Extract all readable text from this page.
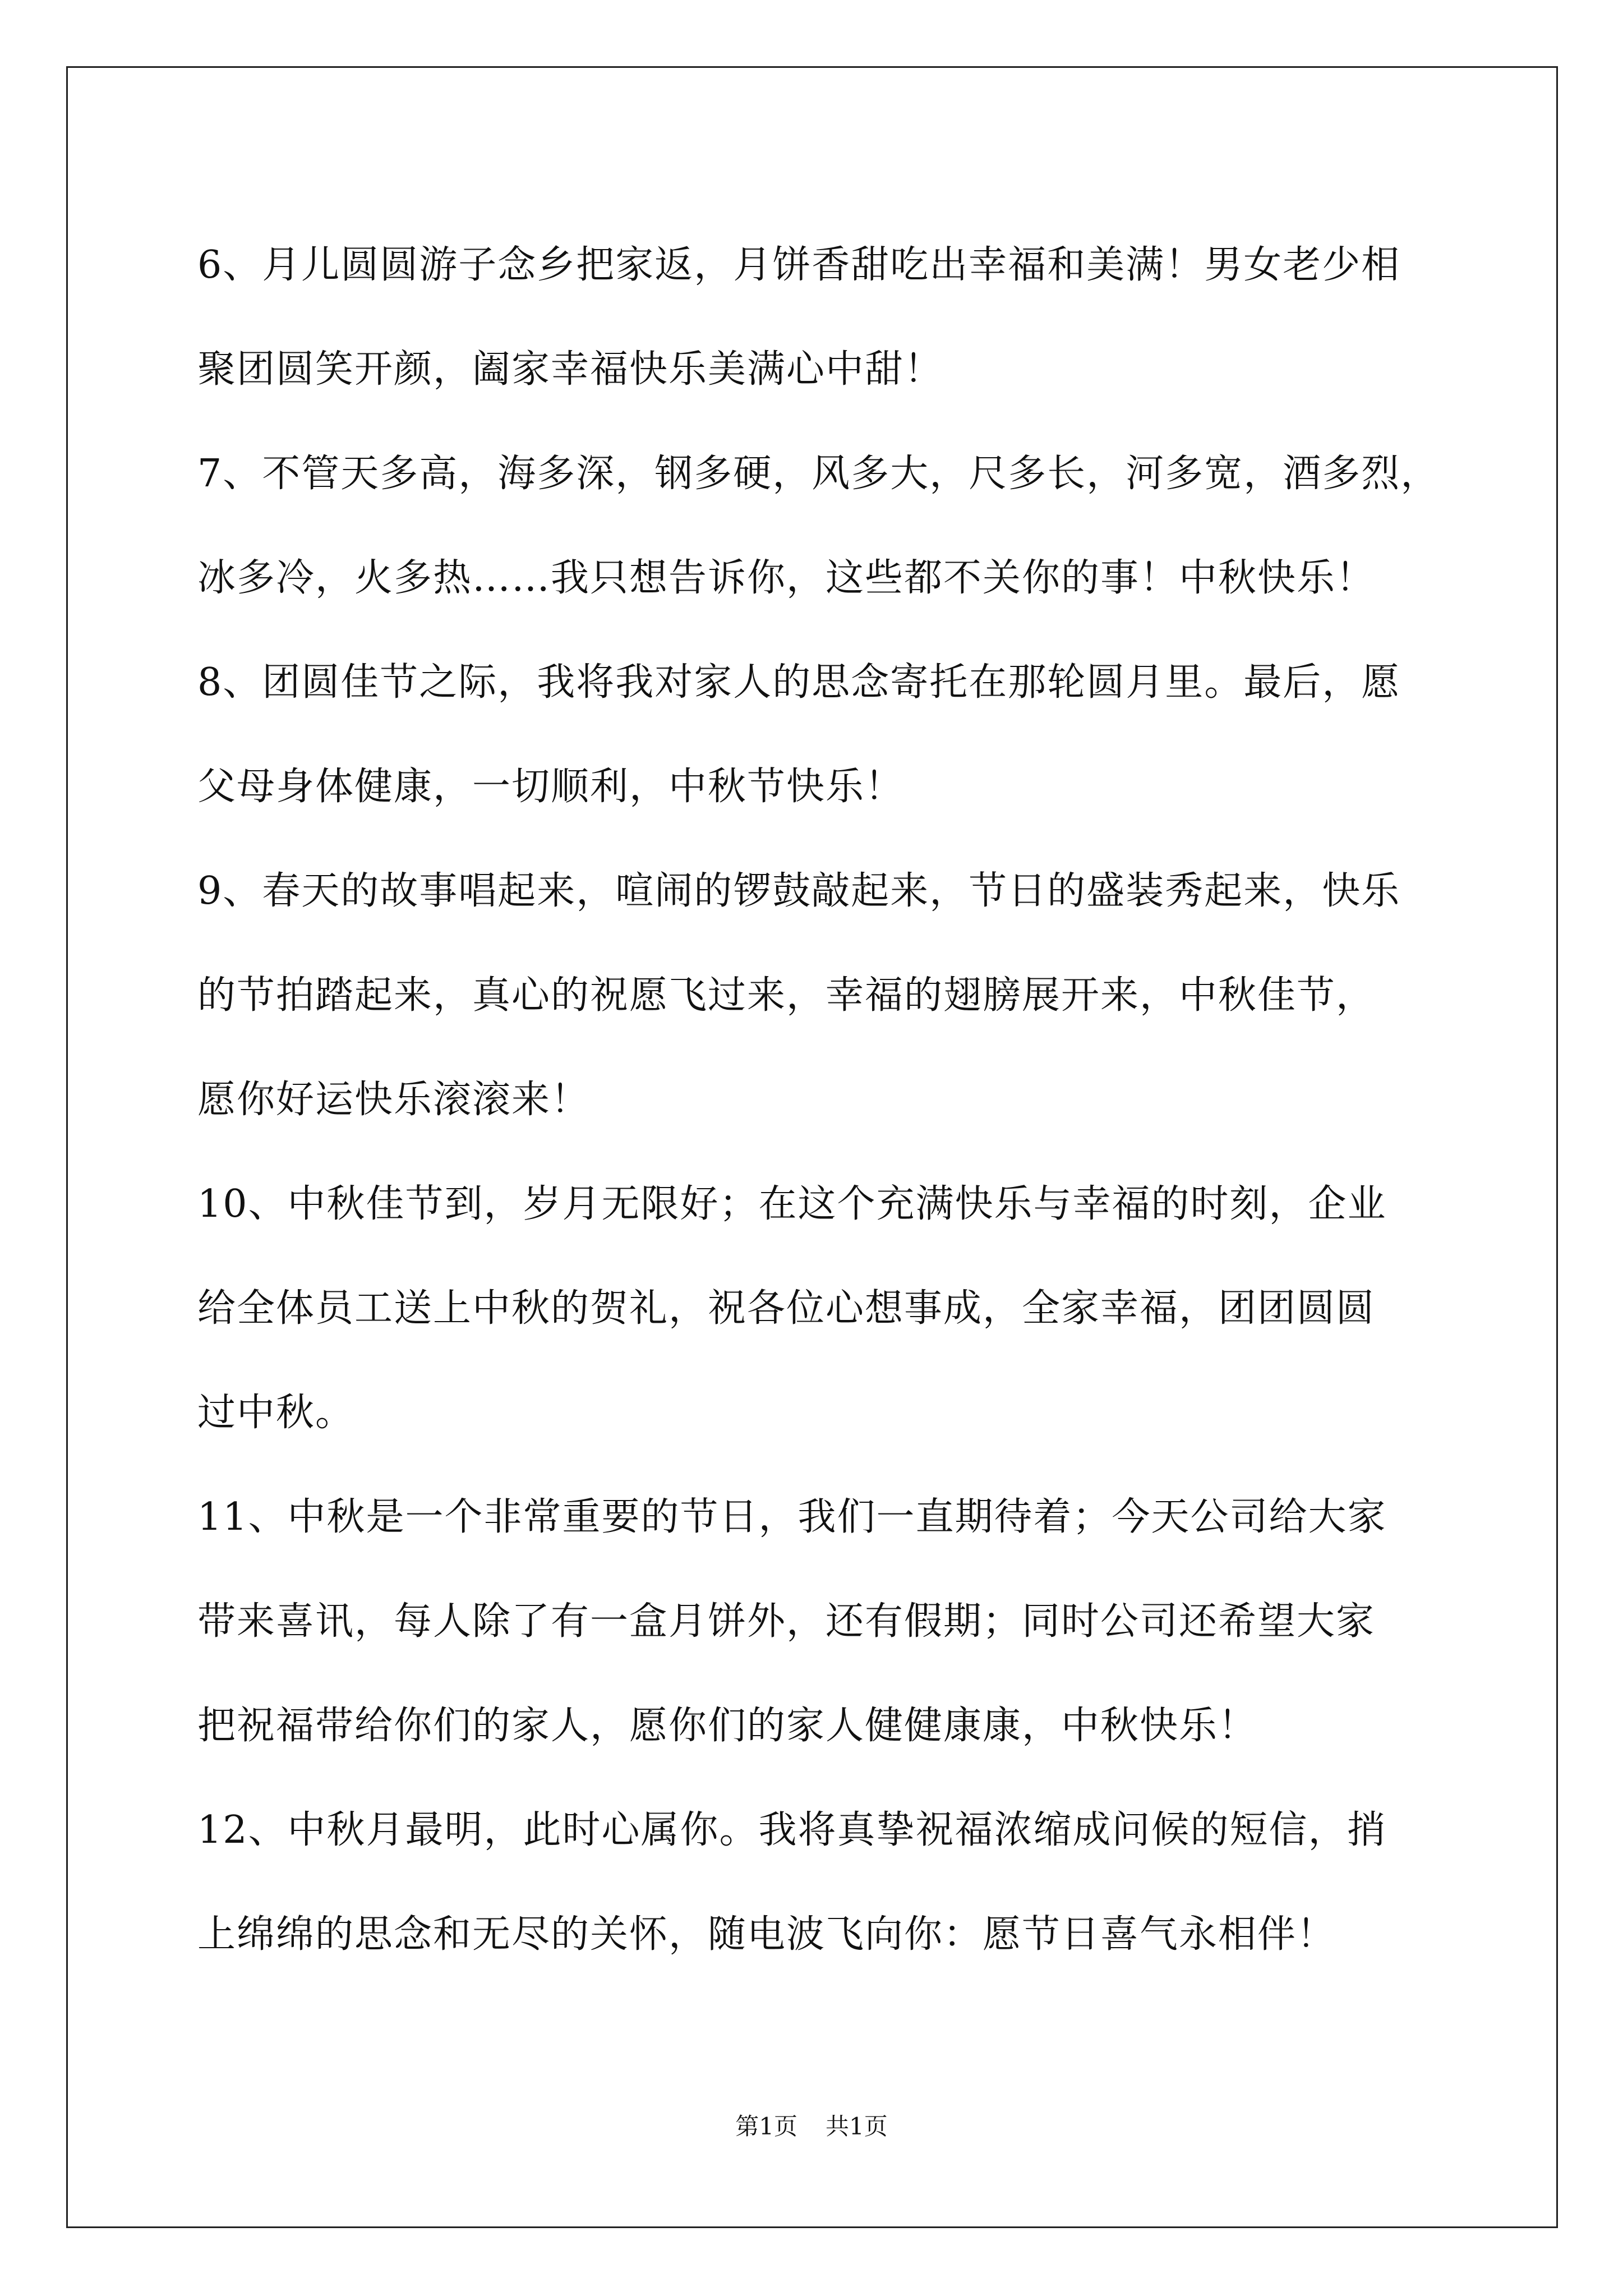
6、月儿圆圆游子念乡把家返，月饼香甜吃出幸福和美满！男女老少相
聚团圆笑开颜，阖家幸福快乐美满心中甜！
7、不管天多高，海多深，钢多硬，风多大，尺多长，河多宽，酒多烈，
冰多冷，火多热……我只想告诉你，这些都不关你的事！中秋快乐！
8、团圆佳节之际，我将我对家人的思念寄托在那轮圆月里。最后，愿
父母身体健康，一切顺利，中秋节快乐！
9、春天的故事唱起来，喧闹的锣鼓敲起来，节日的盛装秀起来，快乐
的节拍踏起来，真心的祝愿飞过来，幸福的翅膀展开来，中秋佳节，
愿你好运快乐滚滚来！
10、中秋佳节到，岁月无限好；在这个充满快乐与幸福的时刻，企业
给全体员工送上中秋的贺礼，祝各位心想事成，全家幸福，团团圆圆
过中秋。
11、中秋是一个非常重要的节日，我们一直期待着；今天公司给大家
带来喜讯，每人除了有一盒月饼外，还有假期；同时公司还希望大家
把祝福带给你们的家人，愿你们的家人健健康康，中秋快乐！
12、中秋月最明，此时心属你。我将真挚祝福浓缩成问候的短信，捎
上绵绵的思念和无尽的关怀，随电波飞向你：愿节日喜气永相伴！
第1页 共1页
